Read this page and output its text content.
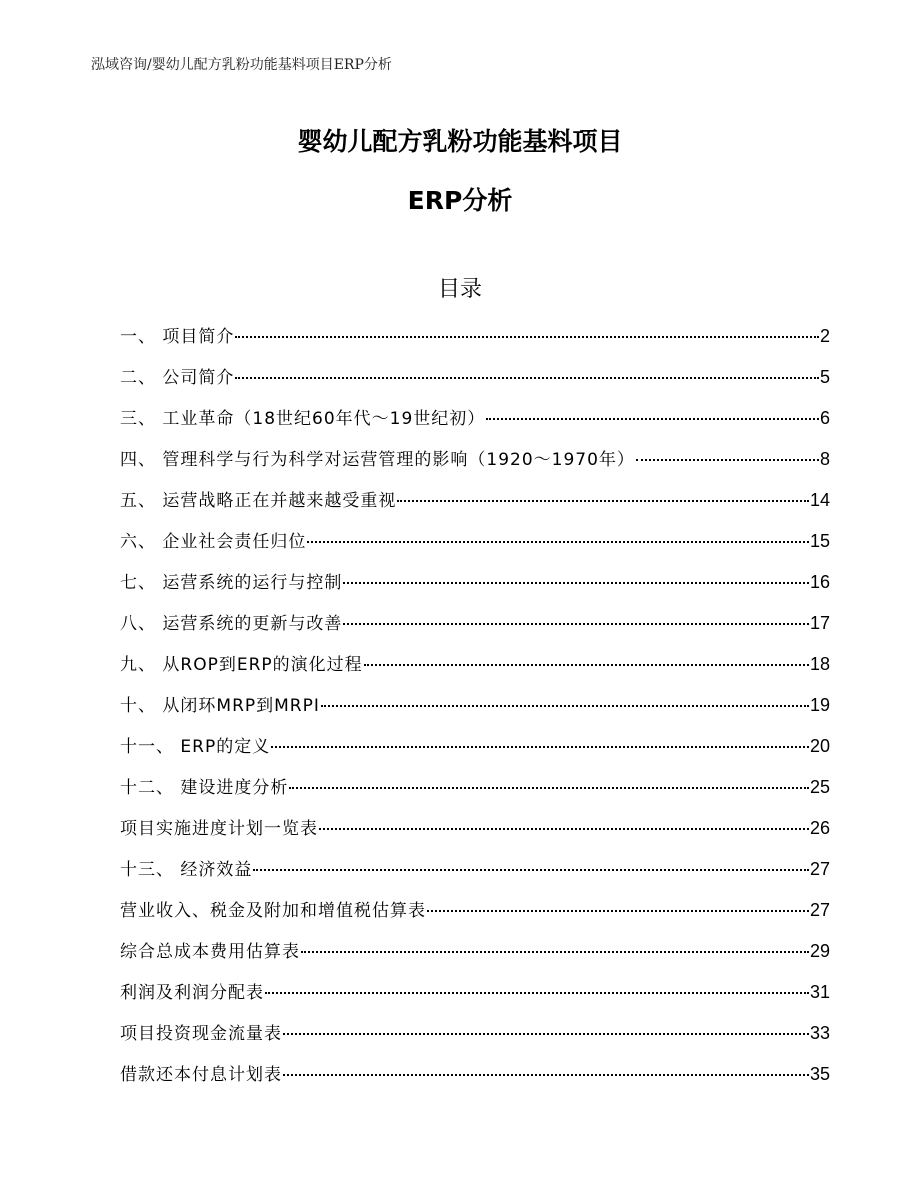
泓域咨询/婴幼儿配方乳粉功能基料项目ERP分析
婴幼儿配方乳粉功能基料项目
ERP分析
目录
一、 项目简介	2
二、 公司简介	5
三、 工业革命（18世纪60年代～19世纪初）	6
四、 管理科学与行为科学对运营管理的影响（1920～1970年）	8
五、 运营战略正在并越来越受重视	14
六、 企业社会责任归位	15
七、 运营系统的运行与控制	16
八、 运营系统的更新与改善	17
九、 从ROP到ERP的演化过程	18
十、 从闭环MRP到MRPI	19
十一、 ERP的定义	20
十二、 建设进度分析	25
项目实施进度计划一览表	26
十三、 经济效益	27
营业收入、税金及附加和增值税估算表	27
综合总成本费用估算表	29
利润及利润分配表	31
项目投资现金流量表	33
借款还本付息计划表	35
